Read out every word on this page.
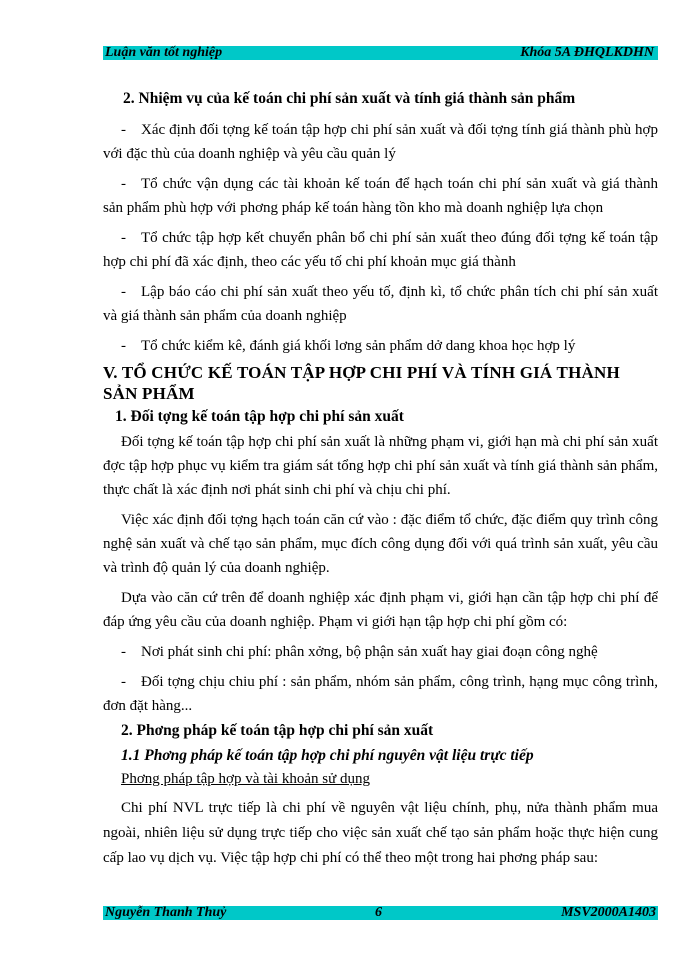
Luận văn tốt nghiệp	Khóa 5A ĐHQLKDHN

2. Nhiệm vụ của kế toán chi phí sản xuất và tính giá thành sản phẩm

- Xác định đối tợng kế toán tập hợp chi phí sản xuất và đối tợng tính giá thành phù hợp với đặc thù của doanh nghiệp và yêu cầu quản lý

- Tổ chức vận dụng các tài khoản kế toán để hạch toán chi phí sản xuất và giá thành sản phẩm phù hợp với phơng pháp kế toán hàng tồn kho mà doanh nghiệp lựa chọn

- Tổ chức tập hợp kết chuyển phân bổ chi phí sản xuất theo đúng đối tợng kế toán tập hợp chi phí đã xác định, theo các yếu tố chi phí khoản mục giá thành

- Lập báo cáo chi phí sản xuất theo yếu tố, định kì, tổ chức phân tích chi phí sản xuất và giá thành sản phẩm của doanh nghiệp

- Tổ chức kiểm kê, đánh giá khối lơng sản phẩm dở dang khoa học hợp lý

V. TỔ CHỨC KẾ TOÁN TẬP HỢP CHI PHÍ VÀ TÍNH GIÁ THÀNH SẢN PHẨM

1. Đối tợng kế toán tập hợp chi phí sản xuất

Đối tợng kế toán tập hợp chi phí sản xuất là những phạm vi, giới hạn mà chi phí sản xuất đợc tập hợp phục vụ kiểm tra giám sát tổng hợp chi phí sản xuất và tính giá thành sản phẩm, thực chất là xác định nơi phát sinh chi phí và chịu chi phí.

Việc xác định đối tợng hạch toán căn cứ vào : đặc điểm tổ chức, đặc điểm quy trình công nghệ sản xuất và chế tạo sản phẩm, mục đích công dụng đối với quá trình sản xuất, yêu cầu và trình độ quản lý của doanh nghiệp.

Dựa vào căn cứ trên để doanh nghiệp xác định phạm vi, giới hạn cần tập hợp chi phí để đáp ứng yêu cầu của doanh nghiệp. Phạm vi giới hạn tập hợp chi phí gồm có:

- Nơi phát sinh chi phí: phân xởng, bộ phận sản xuất hay giai đoạn công nghệ

- Đối tợng chịu chiu phí : sản phẩm, nhóm sản phẩm, công trình, hạng mục công trình, đơn đặt hàng...

2. Phơng pháp kế toán tập hợp chi phí sản xuất

1.1 Phơng pháp kế toán tập hợp chi phí nguyên vật liệu trực tiếp

Phơng pháp tập hợp và tài khoản sử dụng

Chi phí NVL trực tiếp là chi phí về nguyên vật liệu chính, phụ, nửa thành phẩm mua ngoài, nhiên liệu sử dụng trực tiếp cho việc sản xuất chế tạo sản phẩm hoặc thực hiện cung cấp lao vụ dịch vụ. Việc tập hợp chi phí có thể theo một trong hai phơng pháp sau:

Nguyễn Thanh Thuỷ	6	MSV2000A1403
